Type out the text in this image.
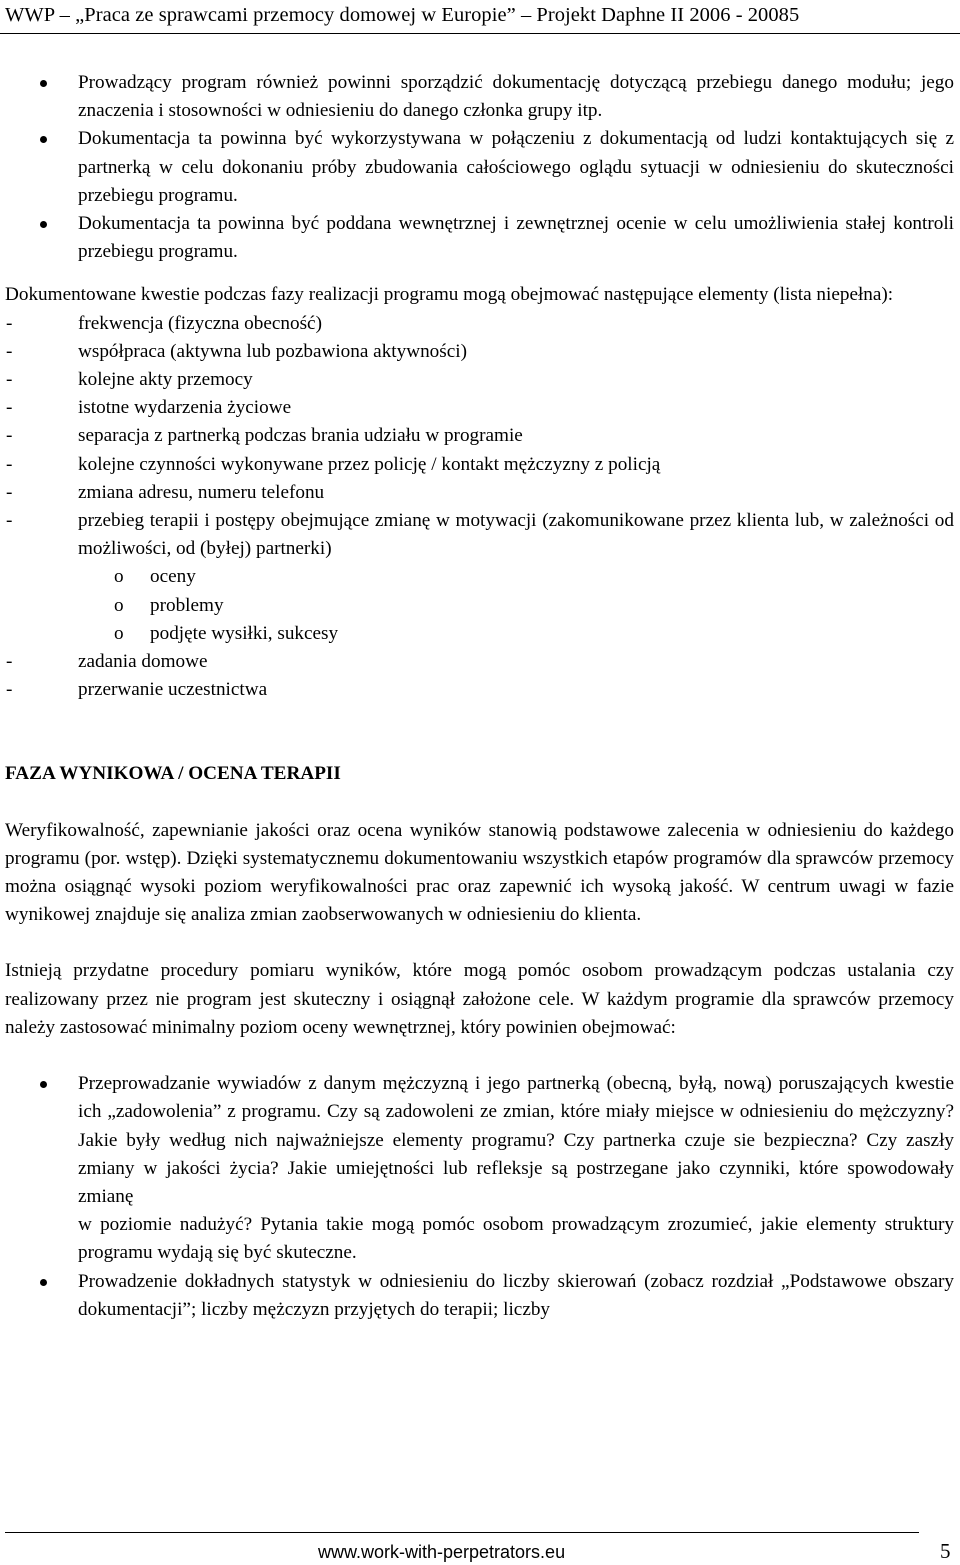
WWP – „Praca ze sprawcami przemocy domowej w Europie” – Projekt Daphne II 2006 - 20085
Prowadzący program również powinni sporządzić dokumentację dotyczącą przebiegu danego modułu; jego znaczenia i stosowności w odniesieniu do danego członka grupy itp.
Dokumentacja ta powinna być wykorzystywana w połączeniu z dokumentacją od ludzi kontaktujących się z partnerką w celu dokonaniu próby zbudowania całościowego oglądu sytuacji w odniesieniu do skuteczności przebiegu programu.
Dokumentacja ta powinna być poddana wewnętrznej i zewnętrznej ocenie w celu umożliwienia stałej kontroli przebiegu programu.

Dokumentowane kwestie podczas fazy realizacji programu mogą obejmować następujące elementy (lista niepełna):

-	frekwencja (fizyczna obecność)
-	współpraca (aktywna lub pozbawiona aktywności)
-	kolejne akty przemocy
-	istotne wydarzenia życiowe
-	separacja z partnerką podczas brania udziału w programie
-	kolejne czynności wykonywane przez policję / kontakt mężczyzny z policją
-	zmiana adresu, numeru telefonu
-	przebieg terapii i postępy obejmujące zmianę w motywacji (zakomunikowane przez klienta lub, w zależności od możliwości, od (byłej) partnerki)
o oceny
o problemy
o podjęte wysiłki, sukcesy
-	zadania domowe
-	przerwanie uczestnictwa
FAZA WYNIKOWA / OCENA TERAPII

Weryfikowalność, zapewnianie jakości oraz ocena wyników stanowią podstawowe zalecenia w odniesieniu do każdego programu (por. wstęp). Dzięki systematycznemu dokumentowaniu wszystkich etapów programów dla sprawców przemocy można osiągnąć wysoki poziom weryfikowalności prac oraz zapewnić ich wysoką jakość. W centrum uwagi w fazie wynikowej znajduje się analiza zmian zaobserwowanych w odniesieniu do klienta.

Istnieją przydatne procedury pomiaru wyników, które mogą pomóc osobom prowadzącym podczas ustalania czy realizowany przez nie program jest skuteczny i osiągnął założone cele. W każdym programie dla sprawców przemocy należy zastosować minimalny poziom oceny wewnętrznej, który powinien obejmować:

Przeprowadzanie wywiadów z danym mężczyzną i jego partnerką (obecną, byłą, nową) poruszających kwestie ich „zadowolenia” z programu. Czy są zadowoleni ze zmian, które miały miejsce w odniesieniu do mężczyzny? Jakie były według nich najważniejsze elementy programu? Czy partnerka czuje sie bezpieczna? Czy zaszły zmiany w jakości życia? Jakie umiejętności lub refleksje są postrzegane jako czynniki, które spowodowały zmianę
w poziomie nadużyć? Pytania takie mogą pomóc osobom prowadzącym zrozumieć, jakie elementy struktury programu wydają się być skuteczne.
Prowadzenie dokładnych statystyk w odniesieniu do liczby skierowań (zobacz rozdział „Podstawowe obszary dokumentacji”; liczby mężczyzn przyjętych do terapii; liczby
www.work-with-perpetrators.eu	5
